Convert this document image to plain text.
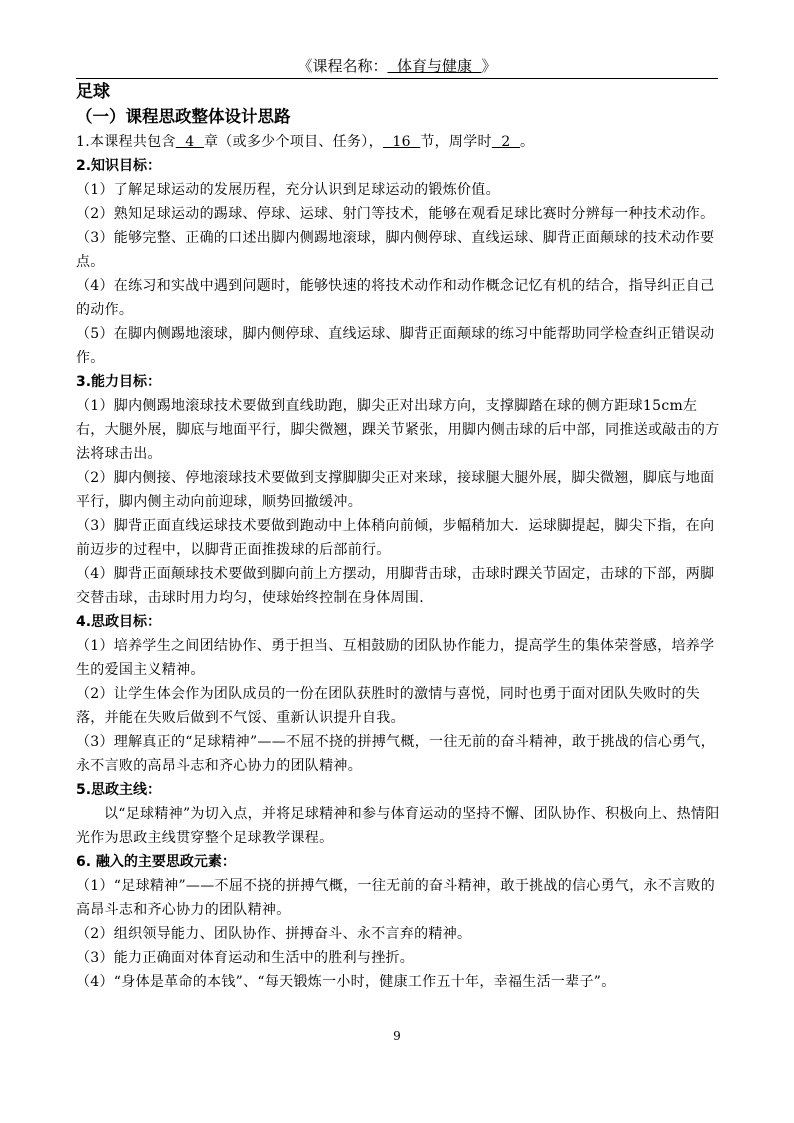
《课程名称：  体育与健康  》
足球
（一）课程思政整体设计思路

1.本课程共包含  4  章（或多少个项目、任务），  16  节，周学时  2  。

2.知识目标：

（1）了解足球运动的发展历程，充分认识到足球运动的锻炼价值。

（2）熟知足球运动的踢球、停球、运球、射门等技术，能够在观看足球比赛时分辨每一种技术动作。

（3）能够完整、正确的口述出脚内侧踢地滚球，脚内侧停球、直线运球、脚背正面颠球的技术动作要点。

（4）在练习和实战中遇到问题时，能够快速的将技术动作和动作概念记忆有机的结合，指导纠正自己的动作。

（5）在脚内侧踢地滚球，脚内侧停球、直线运球、脚背正面颠球的练习中能帮助同学检查纠正错误动作。

3.能力目标：

（1）脚内侧踢地滚球技术要做到直线助跑，脚尖正对出球方向，支撑脚踏在球的侧方距球15cm左右，大腿外展，脚底与地面平行，脚尖微翘，踝关节紧张，用脚内侧击球的后中部，同推送或敲击的方法将球击出。

（2）脚内侧接、停地滚球技术要做到支撑脚脚尖正对来球，接球腿大腿外展，脚尖微翘，脚底与地面平行，脚内侧主动向前迎球，顺势回撤缓冲。

（3）脚背正面直线运球技术要做到跑动中上体稍向前倾，步幅稍加大．运球脚提起，脚尖下指，在向前迈步的过程中，以脚背正面推拨球的后部前行。

（4）脚背正面颠球技术要做到脚向前上方摆动，用脚背击球，击球时踝关节固定，击球的下部，两脚交替击球，击球时用力均匀，使球始终控制在身体周围.

4.思政目标：

（1）培养学生之间团结协作、勇于担当、互相鼓励的团队协作能力，提高学生的集体荣誉感，培养学生的爱国主义精神。

（2）让学生体会作为团队成员的一份在团队获胜时的激情与喜悦，同时也勇于面对团队失败时的失落，并能在失败后做到不气馁、重新认识提升自我。

（3）理解真正的“足球精神”——不屈不挠的拼搏气概，一往无前的奋斗精神，敢于挑战的信心勇气，永不言败的高昂斗志和齐心协力的团队精神。

5.思政主线：

以“足球精神”为切入点，并将足球精神和参与体育运动的坚持不懈、团队协作、积极向上、热情阳光作为思政主线贯穿整个足球教学课程。

6. 融入的主要思政元素：

（1）“足球精神”——不屈不挠的拼搏气概，一往无前的奋斗精神，敢于挑战的信心勇气，永不言败的高昂斗志和齐心协力的团队精神。

（2）组织领导能力、团队协作、拼搏奋斗、永不言弃的精神。

（3）能力正确面对体育运动和生活中的胜利与挫折。

（4）“身体是革命的本钱”、“每天锻炼一小时，健康工作五十年，幸福生活一辈子”。

9
